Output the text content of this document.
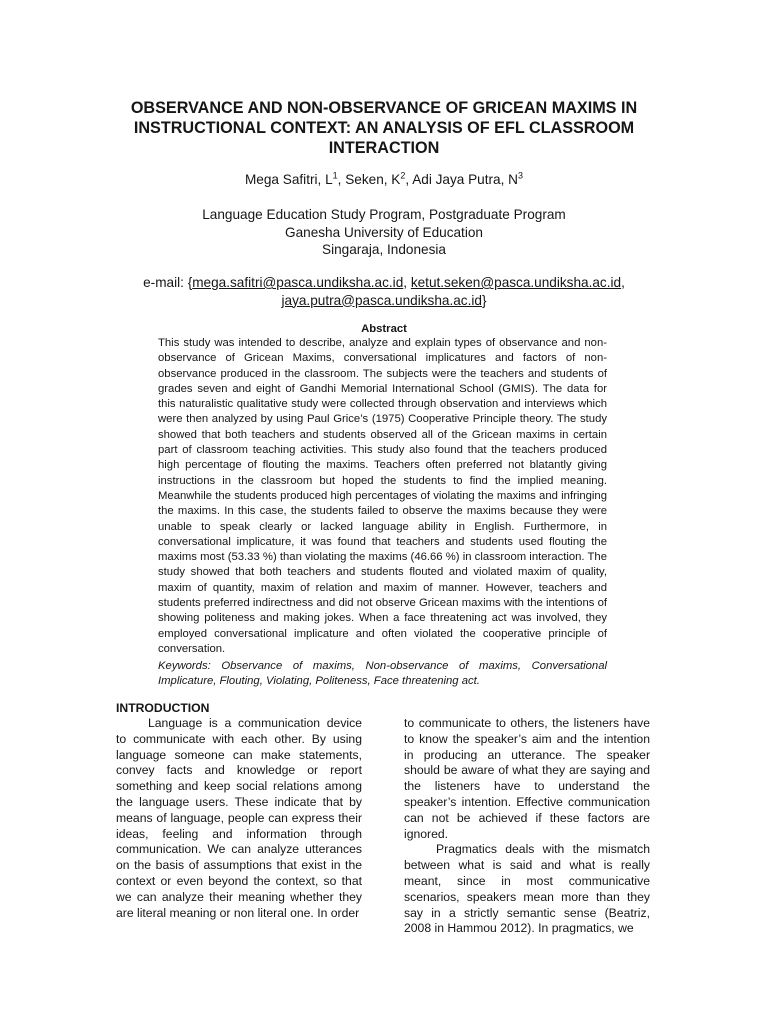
OBSERVANCE AND NON-OBSERVANCE OF GRICEAN MAXIMS IN INSTRUCTIONAL CONTEXT: AN ANALYSIS OF EFL CLASSROOM INTERACTION
Mega Safitri, $L^1$, Seken, $K^2$, Adi Jaya Putra, $N^3$
Language Education Study Program, Postgraduate Program
Ganesha University of Education
Singaraja, Indonesia
e-mail: {mega.safitri@pasca.undiksha.ac.id, ketut.seken@pasca.undiksha.ac.id,
jaya.putra@pasca.undiksha.ac.id}
Abstract

This study was intended to describe, analyze and explain types of observance and non-observance of Gricean Maxims, conversational implicatures and factors of non-observance produced in the classroom. The subjects were the teachers and students of grades seven and eight of Gandhi Memorial International School (GMIS). The data for this naturalistic qualitative study were collected through observation and interviews which were then analyzed by using Paul Grice’s (1975) Cooperative Principle theory. The study showed that both teachers and students observed all of the Gricean maxims in certain part of classroom teaching activities. This study also found that the teachers produced high percentage of flouting the maxims. Teachers often preferred not blatantly giving instructions in the classroom but hoped the students to find the implied meaning. Meanwhile the students produced high percentages of violating the maxims and infringing the maxims. In this case, the students failed to observe the maxims because they were unable to speak clearly or lacked language ability in English. Furthermore, in conversational implicature, it was found that teachers and students used flouting the maxims most (53.33 %) than violating the maxims (46.66 %) in classroom interaction. The study showed that both teachers and students flouted and violated maxim of quality, maxim of quantity, maxim of relation and maxim of manner. However, teachers and students preferred indirectness and did not observe Gricean maxims with the intentions of showing politeness and making jokes. When a face threatening act was involved, they employed conversational implicature and often violated the cooperative principle of conversation.

Keywords: Observance of maxims, Non-observance of maxims, Conversational Implicature, Flouting, Violating, Politeness, Face threatening act.

INTRODUCTION

Language is a communication device to communicate with each other. By using language someone can make statements, convey facts and knowledge or report something and keep social relations among the language users. These indicate that by means of language, people can express their ideas, feeling and information through communication. We can analyze utterances on the basis of assumptions that exist in the context or even beyond the context, so that we can analyze their meaning whether they are literal meaning or non literal one. In order

to communicate to others, the listeners have to know the speaker’s aim and the intention in producing an utterance. The speaker should be aware of what they are saying and the listeners have to understand the speaker’s intention. Effective communication can not be achieved if these factors are ignored.

Pragmatics deals with the mismatch between what is said and what is really meant, since in most communicative scenarios, speakers mean more than they say in a strictly semantic sense (Beatriz, 2008 in Hammou 2012). In pragmatics, we
